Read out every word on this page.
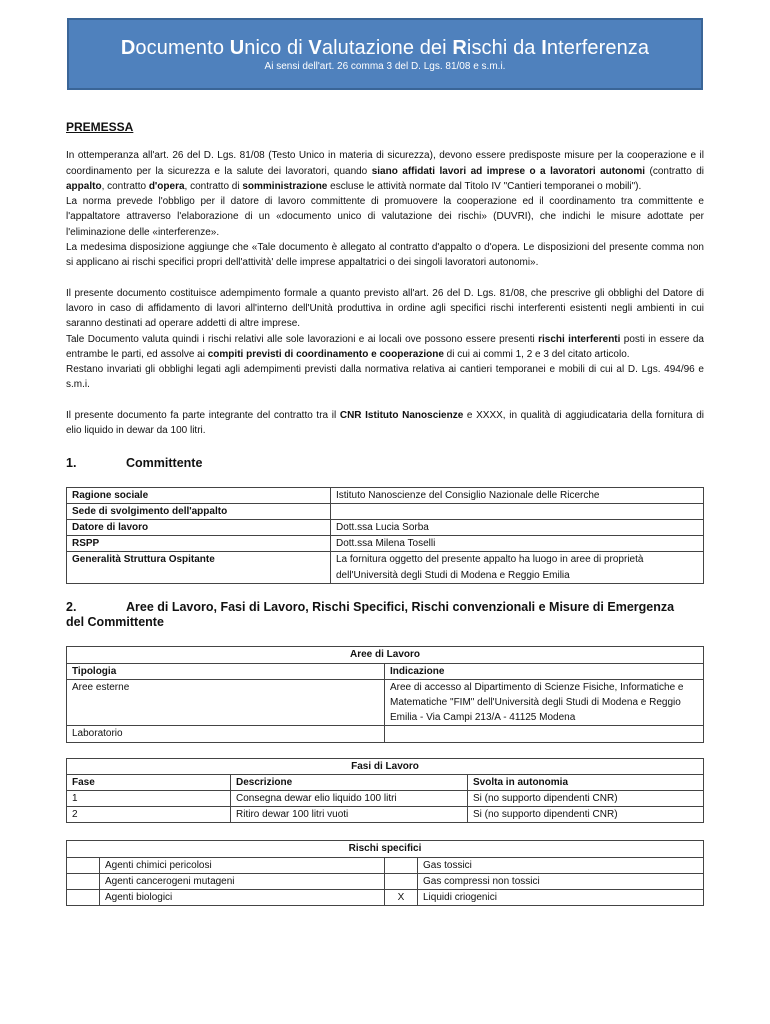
Documento Unico di Valutazione dei Rischi da Interferenza
Ai sensi dell'art. 26 comma 3 del D. Lgs. 81/08 e s.m.i.
PREMESSA

In ottemperanza all'art. 26 del D. Lgs. 81/08 (Testo Unico in materia di sicurezza), devono essere predisposte misure per la cooperazione e il coordinamento per la sicurezza e la salute dei lavoratori, quando siano affidati lavori ad imprese o a lavoratori autonomi (contratto di appalto, contratto d'opera, contratto di somministrazione escluse le attività normate dal Titolo IV "Cantieri temporanei o mobili").

La norma prevede l'obbligo per il datore di lavoro committente di promuovere la cooperazione ed il coordinamento tra committente e l'appaltatore attraverso l'elaborazione di un «documento unico di valutazione dei rischi» (DUVRI), che indichi le misure adottate per l'eliminazione delle «interferenze».

La medesima disposizione aggiunge che «Tale documento è allegato al contratto d'appalto o d'opera. Le disposizioni del presente comma non si applicano ai rischi specifici propri dell'attività' delle imprese appaltatrici o dei singoli lavoratori autonomi».

Il presente documento costituisce adempimento formale a quanto previsto all'art. 26 del D. Lgs. 81/08, che prescrive gli obblighi del Datore di lavoro in caso di affidamento di lavori all'interno dell'Unità produttiva in ordine agli specifici rischi interferenti esistenti negli ambienti in cui saranno destinati ad operare addetti di altre imprese.

Tale Documento valuta quindi i rischi relativi alle sole lavorazioni e ai locali ove possono essere presenti rischi interferenti posti in essere da entrambe le parti, ed assolve ai compiti previsti di coordinamento e cooperazione di cui ai commi 1, 2 e 3 del citato articolo.

Restano invariati gli obblighi legati agli adempimenti previsti dalla normativa relativa ai cantieri temporanei e mobili di cui al D. Lgs. 494/96 e s.m.i.

Il presente documento fa parte integrante del contratto tra il CNR Istituto Nanoscienze e XXXX, in qualità di aggiudicataria della fornitura di elio liquido in dewar da 100 litri.

1.	Committente
Ragione sociale	Istituto Nanoscienze del Consiglio Nazionale delle Ricerche
Sede di svolgimento dell'appalto	
Datore di lavoro	Dott.ssa Lucia Sorba
RSPP	Dott.ssa Milena Toselli
Generalità Struttura Ospitante	La fornitura oggetto del presente appalto ha luogo in aree di proprietà dell'Università degli Studi di Modena e Reggio Emilia
2.	Aree di Lavoro, Fasi di Lavoro, Rischi Specifici, Rischi convenzionali e Misure di Emergenza
del Committente
Aree di Lavoro	
Tipologia	Indicazione
Aree esterne	Aree di accesso al Dipartimento di Scienze Fisiche, Informatiche e Matematiche "FIM" dell'Università degli Studi di Modena e Reggio Emilia - Via Campi 213/A - 41125 Modena
Laboratorio	
Fasi di Lavoro		
Fase	Descrizione	Svolta in autonomia
1	Consegna dewar elio liquido 100 litri	Si (no supporto dipendenti CNR)
2	Ritiro dewar 100 litri vuoti	Si (no supporto dipendenti CNR)
Rischi specifici			
	Agenti chimici pericolosi		Gas tossici
	Agenti cancerogeni mutageni		Gas compressi non tossici
	Agenti biologici	X	Liquidi criogenici
